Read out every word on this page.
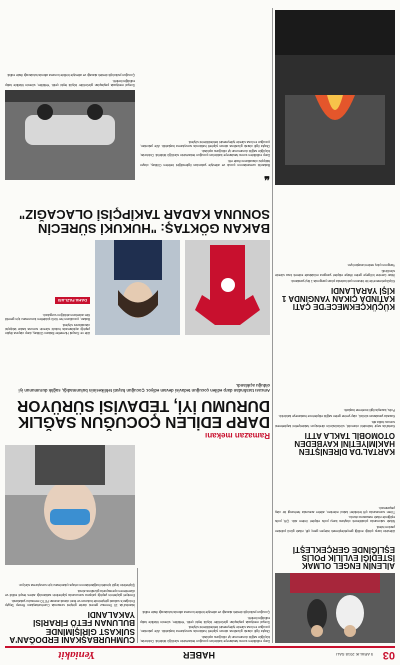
03
5 ARALIK 2018 SALI
HABER
Yeniakit
CUMHURBAŞKANI ERDOĞAN'A SUİKAST GİRİŞİMİNDE BULUNAN FETÖ FİRARİSİ YAKALANDI

İstanbul'da 15 Temmuz gecesi darbe girişimi sırasında Cumhurbaşkanı Recep Tayyip Erdoğan'a suikast girişiminde bulunan ve firari olarak aranan FETÖ mensubu yakalandı.

Emniyet güçlerinin yaptığı çalışma sonucunda şüphelinin saklandığı adres tespit edildi ve düzenlenen operasyonla gözaltına alındı.

Şüphelinin örgüt içindeki bağlantılarının ortaya çıkarılması için soruşturma sürüyor.

AİLENİN ENGEL OLMAK İSTEDİĞİ EVLİLİK POLİS EŞLİĞİNDE GERÇEKLEŞTİ

Ailesinin karşı çıktığı evliliği gerçekleştirmek isteyen genç çift, nikah günü polisten yardım istedi.

Nikah salonunda çıkabilecek olaylara karşı polis ekipleri önlem aldı. Çift, polis eşliğinde nikah masasına oturdu.

Tören sonrasında çift tebrikleri kabul ederken, aileler arasında herhangi bir olay yaşanmadı.

Darp edildikten sonra hastaneye kaldırılan çocuğun tedavisinin sürdüğü bildirildi. Doktorlar, küçüğün sağlık durumunun iyi olduğunu açıkladı.

Olayla ilgili olarak gözaltına alınan şüpheli hakkında soruşturma başlatıldı. Aile yakınları, çocuğun en kısa sürede iyileşmesini beklediklerini söyledi.

Sosyal medyada paylaşılan görüntüler büyük tepki çekti. Yetkililer, sürecin titizlikle takip edildiğini belirtti.

Çocuğun psikolojik destek alacağı ve ailesiyle birlikte koruma altında tutulacağı ifade edildi.

Ramazan mekanı
DARP EDİLEN ÇOCUĞUN SAĞLIK DURUMU İYİ, TEDAVİSİ SÜRÜYOR

Amcası tarafından darp edilen çocuğun tedavisi devam ediyor. Çocuğun hayati tehlikesinin bulunmadığı, sağlık durumunun iyi olduğu açıklandı.

Aile ve Sosyal Hizmetler Bakanı Göktaş, darp olayına ilişkin yaptığı açıklamada hukuki sürecin sonuna kadar takipçisi olacaklarını söyledi.

Bakan, çocukların her türlü şiddetten korunması için gerekli tüm adımların atıldığını vurguladı.

DAHA FAZLASI
KARTAL'DA DİRENİŞTEN HAKİMİYETİNİ KAYBEDEN OTOMOBİL TAKLA ATTI

Kartal'da seyir halindeki otomobil, sürücüsünün direksiyon hakimiyetini kaybetmesi sonucu takla attı.

Kazada yaralanan sürücü, olay yerine gelen sağlık ekiplerince hastaneye kaldırıldı.

Polis, kazayla ilgili inceleme başlattı.

BAKAN GÖKTAŞ: "HUKUKİ SÜRECİN SONUNA KADAR TAKİPÇİSİ OLACAĞIZ"
❝

Bakanlık uzmanlarının çocuk ve ailesiyle yakından ilgilendiğini belirten Göktaş, olayın takipçisi olacaklarını ifade etti.

Darp edildikten sonra hastaneye kaldırılan çocuğun tedavisinin sürdüğü bildirildi. Doktorlar, küçüğün sağlık durumunun iyi olduğunu açıkladı.

Olayla ilgili olarak gözaltına alınan şüpheli hakkında soruşturma başlatıldı. Aile yakınları, çocuğun en kısa sürede iyileşmesini beklediklerini söyledi.

Sosyal medyada paylaşılan görüntüler büyük tepki çekti. Yetkililer, sürecin titizlikle takip edildiğini belirtti.

Çocuğun psikolojik destek alacağı ve ailesiyle birlikte koruma altında tutulacağı ifade edildi.

KÜÇÜKÇEKMECE'DE ÇATI KATINDA ÇIKAN YANGINDA 1 KİŞİ YARALANDI

Küçükçekmece'de bir binanın çatı katında çıkan yangında 1 kişi yaralandı.

İhbar üzerine bölgeye gelen itfaiye ekipleri yangına müdahale ederek kısa sürede söndürdü.

Yangının çıkış nedeni araştırılıyor.
